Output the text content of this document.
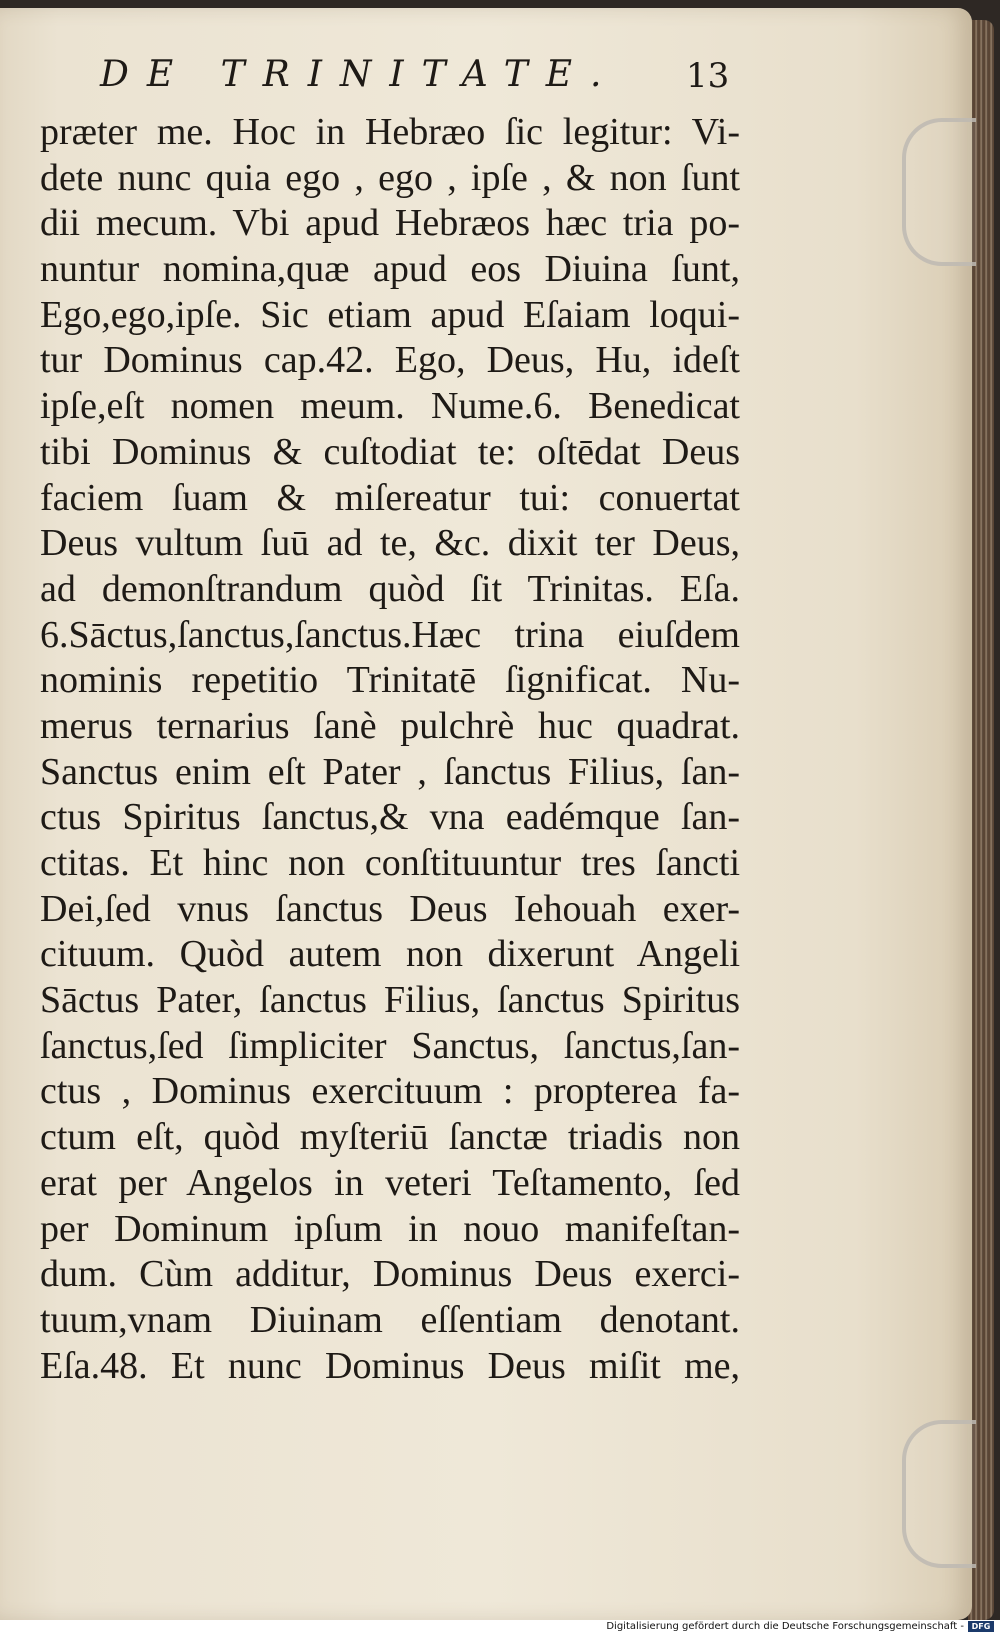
DE TRINITATE.	13
præter me. Hoc in Hebræo ſic legitur: Vi-
dete nunc quia ego , ego , ipſe , & non ſunt
dii mecum. Vbi apud Hebræos hæc tria po-
nuntur nomina,quæ apud eos Diuina ſunt,
Ego,ego,ipſe. Sic etiam apud Eſaiam loqui-
tur Dominus cap.42. Ego, Deus, Hu, ideſt
ipſe,eſt nomen meum. Nume.6. Benedicat
tibi Dominus & cuſtodiat te: oſtēdat Deus
faciem ſuam & miſereatur tui: conuertat
Deus vultum ſuū ad te, &c. dixit ter Deus,
ad demonſtrandum quòd ſit Trinitas. Eſa.
6.Sāctus,ſanctus,ſanctus.Hæc trina eiuſdem
nominis repetitio Trinitatē ſignificat. Nu-
merus ternarius ſanè pulchrè huc quadrat.
Sanctus enim eſt Pater , ſanctus Filius, ſan-
ctus Spiritus ſanctus,& vna eadémque ſan-
ctitas. Et hinc non conſtituuntur tres ſancti
Dei,ſed vnus ſanctus Deus Iehouah exer-
cituum. Quòd autem non dixerunt Angeli
Sāctus Pater, ſanctus Filius, ſanctus Spiritus
ſanctus,ſed ſimpliciter Sanctus, ſanctus,ſan-
ctus , Dominus exercituum : propterea fa-
ctum eſt, quòd myſteriū ſanctæ triadis non
erat per Angelos in veteri Teſtamento, ſed
per Dominum ipſum in nouo manifeſtan-
dum. Cùm additur, Dominus Deus exerci-
tuum,vnam Diuinam eſſentiam denotant.
Eſa.48. Et nunc Dominus Deus miſit me,
Digitalisierung gefördert durch die Deutsche Forschungsgemeinschaft - DFG
